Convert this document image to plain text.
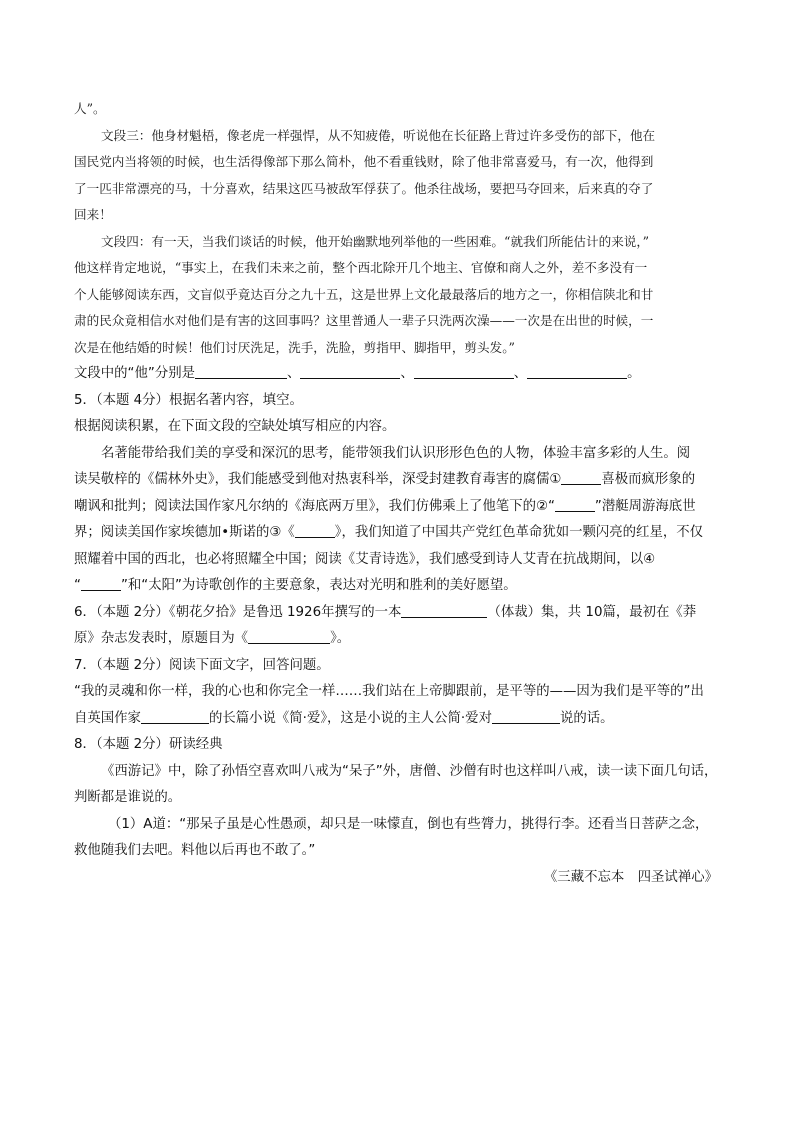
人”。

文段三：他身材魁梧，像老虎一样强悍，从不知疲倦，听说他在长征路上背过许多受伤的部下，他在

国民党内当将领的时候，也生活得像部下那么简朴，他不看重钱财，除了他非常喜爱马，有一次，他得到

了一匹非常漂亮的马，十分喜欢，结果这匹马被敌军俘获了。他杀往战场，要把马夺回来，后来真的夺了

回来！

文段四：有一天，当我们谈话的时候，他开始幽默地列举他的一些困难。“就我们所能估计的来说，”

他这样肯定地说，“事实上，在我们未来之前，整个西北除开几个地主、官僚和商人之外，差不多没有一

个人能够阅读东西，文盲似乎竟达百分之九十五，这是世界上文化最最落后的地方之一，你相信陕北和甘

肃的民众竟相信水对他们是有害的这回事吗？这里普通人一辈子只洗两次澡——一次是在出世的时候，一

次是在他结婚的时候！他们讨厌洗足，洗手，洗脸，剪指甲、脚指甲，剪头发。”

文段中的“他”分别是	、	、	、	。

5．（本题 4分）根据名著内容，填空。

根据阅读积累，在下面文段的空缺处填写相应的内容。

名著能带给我们美的享受和深沉的思考，能带领我们认识形形色色的人物，体验丰富多彩的人生。阅

读吴敬梓的《儒林外史》，我们能感受到他对热衷科举，深受封建教育毒害的腐儒①	喜极而疯形象的

嘲讽和批判；阅读法国作家凡尔纳的《海底两万里》，我们仿佛乘上了他笔下的②“	”潜艇周游海底世

界；阅读美国作家埃德加•斯诺的③《	》，我们知道了中国共产党红色革命犹如一颗闪亮的红星，不仅

照耀着中国的西北，也必将照耀全中国；阅读《艾青诗选》，我们感受到诗人艾青在抗战期间，以④

“	”和“太阳”为诗歌创作的主要意象，表达对光明和胜利的美好愿望。

6．（本题 2分）《朝花夕拾》是鲁迅 1926年撰写的一本	（体裁）集，共 10篇，最初在《莽

原》杂志发表时，原题目为《	》。

7．（本题 2分）阅读下面文字，回答问题。

“我的灵魂和你一样，我的心也和你完全一样……我们站在上帝脚跟前，是平等的——因为我们是平等的”出

自英国作家	的长篇小说《简·爱》，这是小说的主人公简·爱对	说的话。

8．（本题 2分）研读经典

《西游记》中，除了孙悟空喜欢叫八戒为“呆子”外，唐僧、沙僧有时也这样叫八戒，读一读下面几句话，

判断都是谁说的。

（1）A道：“那呆子虽是心性愚顽，却只是一味懞直，倒也有些膂力，挑得行李。还看当日菩萨之念，

救他随我们去吧。料他以后再也不敢了。”

《三藏不忘本　四圣试禅心》
